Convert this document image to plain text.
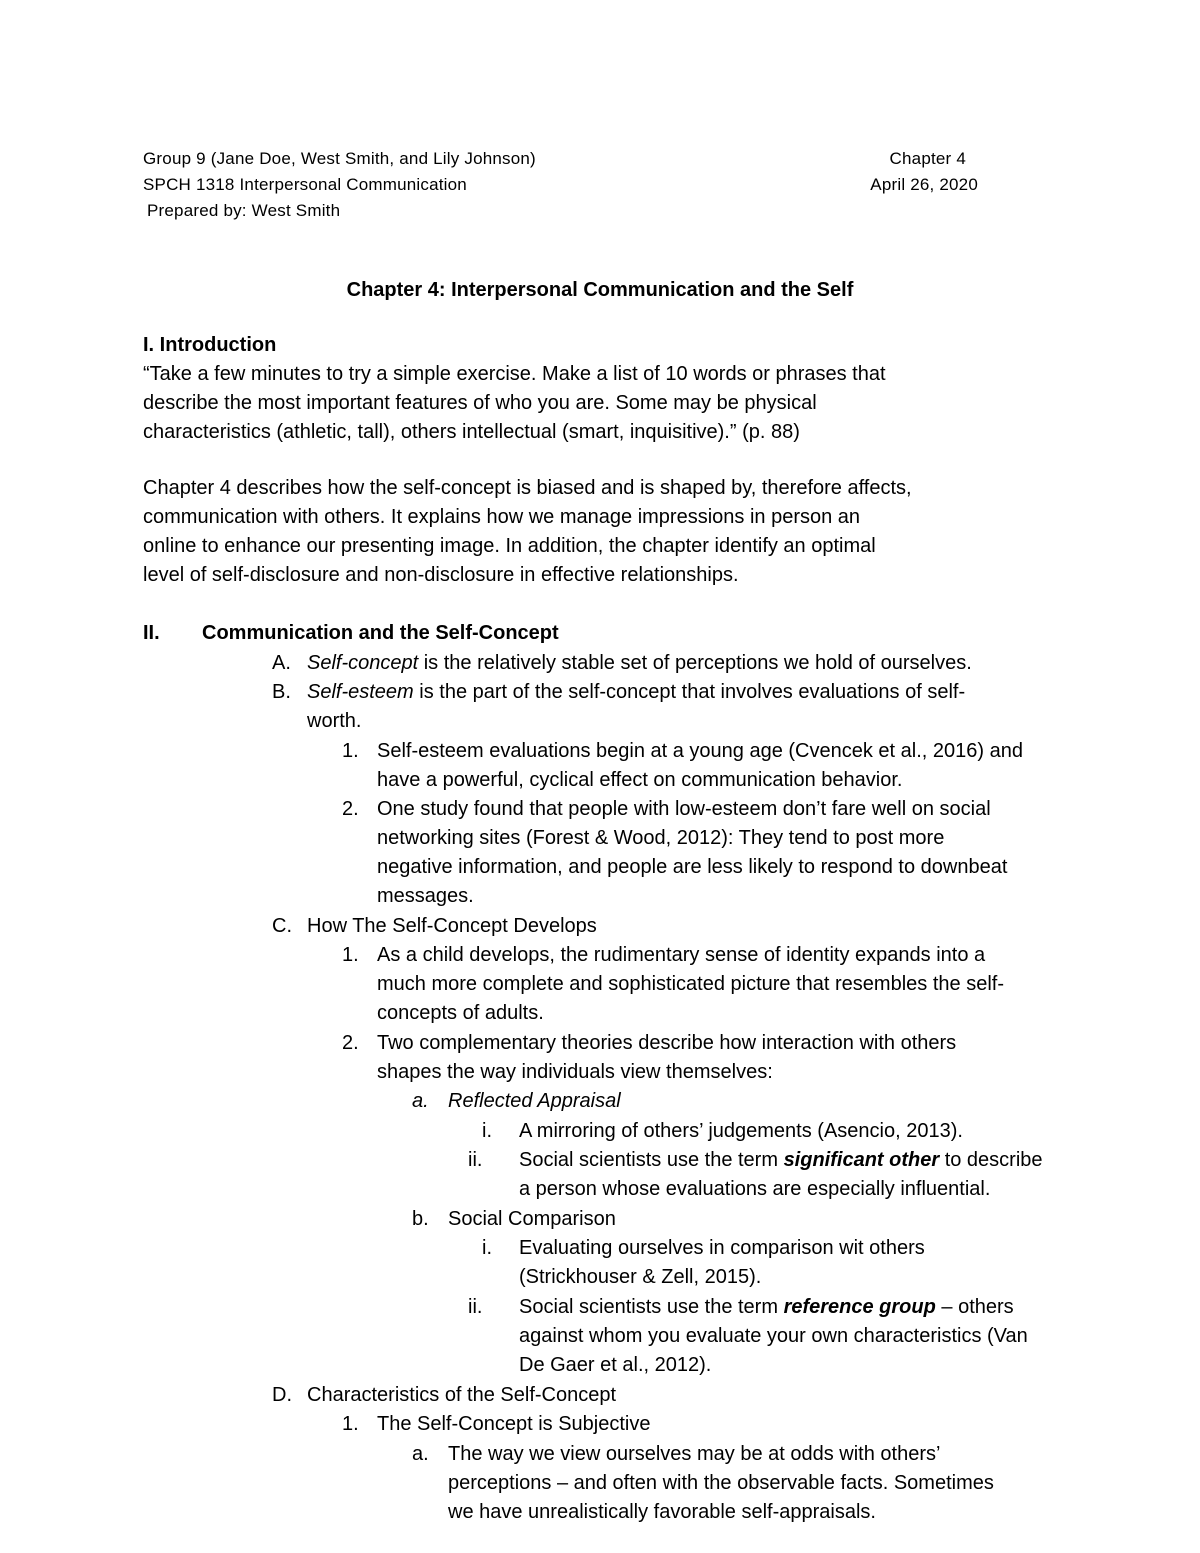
Group 9 (Jane Doe, West Smith, and Lily Johnson)	Chapter 4
SPCH 1318 Interpersonal Communication	April 26, 2020
Prepared by: West Smith
Chapter 4: Interpersonal Communication and the Self
I. Introduction
“Take a few minutes to try a simple exercise. Make a list of 10 words or phrases that
describe the most important features of who you are. Some may be physical
characteristics (athletic, tall), others intellectual (smart, inquisitive).” (p. 88)
Chapter 4 describes how the self-concept is biased and is shaped by, therefore affects,
communication with others. It explains how we manage impressions in person an
online to enhance our presenting image. In addition, the chapter identify an optimal
level of self-disclosure and non-disclosure in effective relationships.
II. Communication and the Self-Concept
A. Self-concept is the relatively stable set of perceptions we hold of ourselves.
B. Self-esteem is the part of the self-concept that involves evaluations of self-
worth.
1. Self-esteem evaluations begin at a young age (Cvencek et al., 2016) and
have a powerful, cyclical effect on communication behavior.
2. One study found that people with low-esteem don’t fare well on social
networking sites (Forest & Wood, 2012): They tend to post more
negative information, and people are less likely to respond to downbeat
messages.
C. How The Self-Concept Develops
1. As a child develops, the rudimentary sense of identity expands into a
much more complete and sophisticated picture that resembles the self-
concepts of adults.
2. Two complementary theories describe how interaction with others
shapes the way individuals view themselves:
a. Reflected Appraisal
i. A mirroring of others’ judgements (Asencio, 2013).
ii. Social scientists use the term significant other to describe
a person whose evaluations are especially influential.
b. Social Comparison
i. Evaluating ourselves in comparison wit others
(Strickhouser & Zell, 2015).
ii. Social scientists use the term reference group – others
against whom you evaluate your own characteristics (Van
De Gaer et al., 2012).
D. Characteristics of the Self-Concept
1. The Self-Concept is Subjective
a. The way we view ourselves may be at odds with others’
perceptions – and often with the observable facts. Sometimes
we have unrealistically favorable self-appraisals.
